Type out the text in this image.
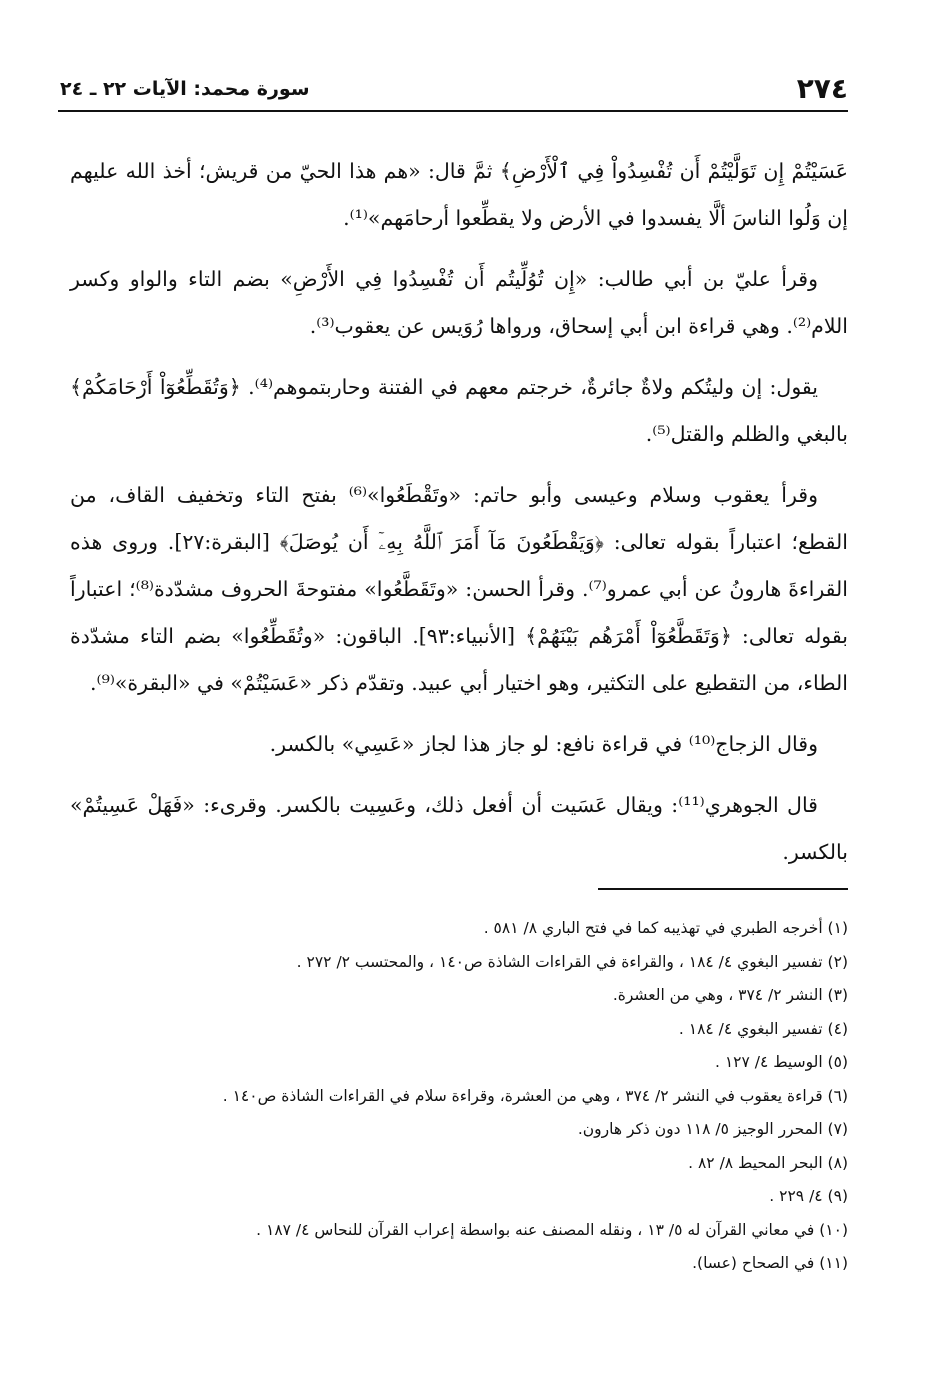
٢٧٤
سورة محمد: الآيات ٢٢ ـ ٢٤

عَسَيْتُمْ إِن تَوَلَّيْتُمْ أَن تُفْسِدُواْ فِي ٱلْأَرْضِ﴾ ثمَّ قال: «هم هذا الحيّ من قريش؛ أخذ الله عليهم إن وَلُوا الناسَ ألَّا يفسدوا في الأرض ولا يقطِّعوا أرحامَهم»⁽¹⁾.

وقرأ عليّ بن أبي طالب: «إِن تُوُلِّيتُم أَن تُفْسِدُوا فِي الأَرْضِ» بضم التاء والواو وكسر اللام⁽²⁾. وهي قراءة ابن أبي إسحاق، ورواها رُوَيس عن يعقوب⁽³⁾.

يقول: إن وليتُكم ولاةٌ جائرةٌ، خرجتم معهم في الفتنة وحاربتموهم⁽⁴⁾. ﴿وَتُقَطِّعُوٓاْ أَرْحَامَكُمْ﴾ بالبغي والظلم والقتل⁽⁵⁾.

وقرأ يعقوب وسلام وعيسى وأبو حاتم: «وتَقْطَعُوا»⁽⁶⁾ بفتح التاء وتخفيف القاف، من القطع؛ اعتباراً بقوله تعالى: ﴿وَيَقْطَعُونَ مَآ أَمَرَ ٱللَّهُ بِهِۦٓ أَن يُوصَلَ﴾ [البقرة:٢٧]. وروى هذه القراءةَ هارونُ عن أبي عمرو⁽⁷⁾. وقرأ الحسن: «وتَقَطَّعُوا» مفتوحةَ الحروف مشدّدة⁽⁸⁾؛ اعتباراً بقوله تعالى: ﴿وَتَقَطَّعُوٓاْ أَمْرَهُم بَيْنَهُمْ﴾ [الأنبياء:٩٣]. الباقون: «وتُقَطِّعُوا» بضم التاء مشدّدة الطاء، من التقطيع على التكثير، وهو اختيار أبي عبيد. وتقدّم ذكر «عَسَيْتُمْ» في «البقرة»⁽⁹⁾.

وقال الزجاج⁽¹⁰⁾ في قراءة نافع: لو جاز هذا لجاز «عَسِي» بالكسر.

قال الجوهري⁽¹¹⁾: ويقال عَسَيت أن أفعل ذلك، وعَسِيت بالكسر. وقرىء: «فَهَلْ عَسِيتُمْ» بالكسر.

(١) أخرجه الطبري في تهذيبه كما في فتح الباري ٨/ ٥٨١ .
(٢) تفسير البغوي ٤/ ١٨٤ ، والقراءة في القراءات الشاذة ص١٤٠ ، والمحتسب ٢/ ٢٧٢ .
(٣) النشر ٢/ ٣٧٤ ، وهي من العشرة.
(٤) تفسير البغوي ٤/ ١٨٤ .
(٥) الوسيط ٤/ ١٢٧ .
(٦) قراءة يعقوب في النشر ٢/ ٣٧٤ ، وهي من العشرة، وقراءة سلام في القراءات الشاذة ص١٤٠ .
(٧) المحرر الوجيز ٥/ ١١٨ دون ذكر هارون.
(٨) البحر المحيط ٨/ ٨٢ .
(٩) ٤/ ٢٢٩ .
(١٠) في معاني القرآن له ٥/ ١٣ ، ونقله المصنف عنه بواسطة إعراب القرآن للنحاس ٤/ ١٨٧ .
(١١) في الصحاح (عسا).
